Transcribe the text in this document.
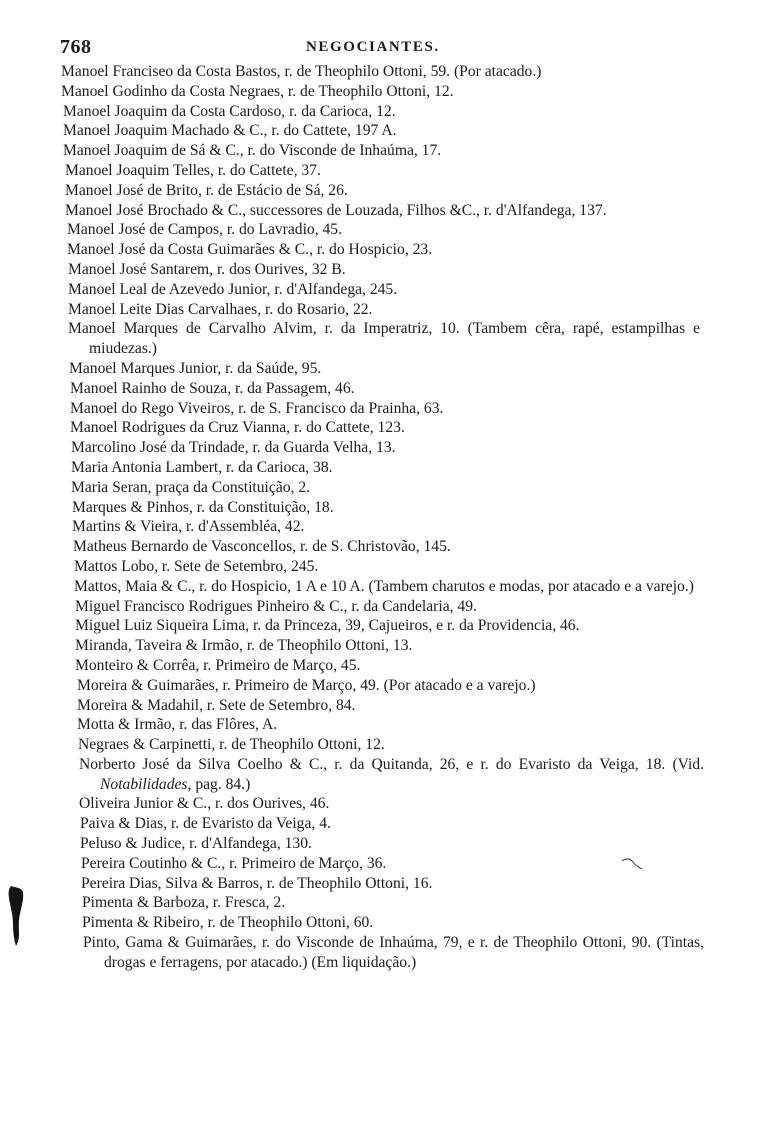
768	NEGOCIANTES.
Manoel Franciseo da Costa Bastos, r. de Theophilo Ottoni, 59. (Por atacado.)
Manoel Godinho da Costa Negraes, r. de Theophilo Ottoni, 12.
Manoel Joaquim da Costa Cardoso, r. da Carioca, 12.
Manoel Joaquim Machado & C., r. do Cattete, 197 A.
Manoel Joaquim de Sá & C., r. do Visconde de Inhaúma, 17.
Manoel Joaquim Telles, r. do Cattete, 37.
Manoel José de Brito, r. de Estácio de Sá, 26.
Manoel José Brochado & C., successores de Louzada, Filhos &C., r. d'Alfandega, 137.
Manoel José de Campos, r. do Lavradio, 45.
Manoel José da Costa Guimarães & C., r. do Hospicio, 23.
Manoel José Santarem, r. dos Ourives, 32 B.
Manoel Leal de Azevedo Junior, r. d'Alfandega, 245.
Manoel Leite Dias Carvalhaes, r. do Rosario, 22.
Manoel Marques de Carvalho Alvim, r. da Imperatriz, 10. (Tambem cêra, rapé, estampilhas e miudezas.)
Manoel Marques Junior, r. da Saúde, 95.
Manoel Rainho de Souza, r. da Passagem, 46.
Manoel do Rego Viveiros, r. de S. Francisco da Prainha, 63.
Manoel Rodrigues da Cruz Vianna, r. do Cattete, 123.
Marcolino José da Trindade, r. da Guarda Velha, 13.
Maria Antonia Lambert, r. da Carioca, 38.
Maria Seran, praça da Constituição, 2.
Marques & Pinhos, r. da Constituição, 18.
Martins & Vieira, r. d'Assembléa, 42.
Matheus Bernardo de Vasconcellos, r. de S. Christovão, 145.
Mattos Lobo, r. Sete de Setembro, 245.
Mattos, Maia & C., r. do Hospicio, 1 A e 10 A. (Tambem charutos e modas, por atacado e a varejo.)
Miguel Francisco Rodrigues Pinheiro & C., r. da Candelaria, 49.
Miguel Luiz Siqueira Lima, r. da Princeza, 39, Cajueiros, e r. da Providencia, 46.
Miranda, Taveira & Irmão, r. de Theophilo Ottoni, 13.
Monteiro & Corrêa, r. Primeiro de Março, 45.
Moreira & Guimarães, r. Primeiro de Março, 49. (Por atacado e a varejo.)
Moreira & Madahil, r. Sete de Setembro, 84.
Motta & Irmão, r. das Flôres, A.
Negraes & Carpinetti, r. de Theophilo Ottoni, 12.
Norberto José da Silva Coelho & C., r. da Quitanda, 26, e r. do Evaristo da Veiga, 18. (Vid. Notabilidades, pag. 84.)
Oliveira Junior & C., r. dos Ourives, 46.
Paiva & Dias, r. de Evaristo da Veiga, 4.
Peluso & Judice, r. d'Alfandega, 130.
Pereira Coutinho & C., r. Primeiro de Março, 36.
Pereira Dias, Silva & Barros, r. de Theophilo Ottoni, 16.
Pimenta & Barboza, r. Fresca, 2.
Pimenta & Ribeiro, r. de Theophilo Ottoni, 60.
Pinto, Gama & Guimarães, r. do Visconde de Inhaúma, 79, e r. de Theophilo Ottoni, 90. (Tintas, drogas e ferragens, por atacado.) (Em liquidação.)
